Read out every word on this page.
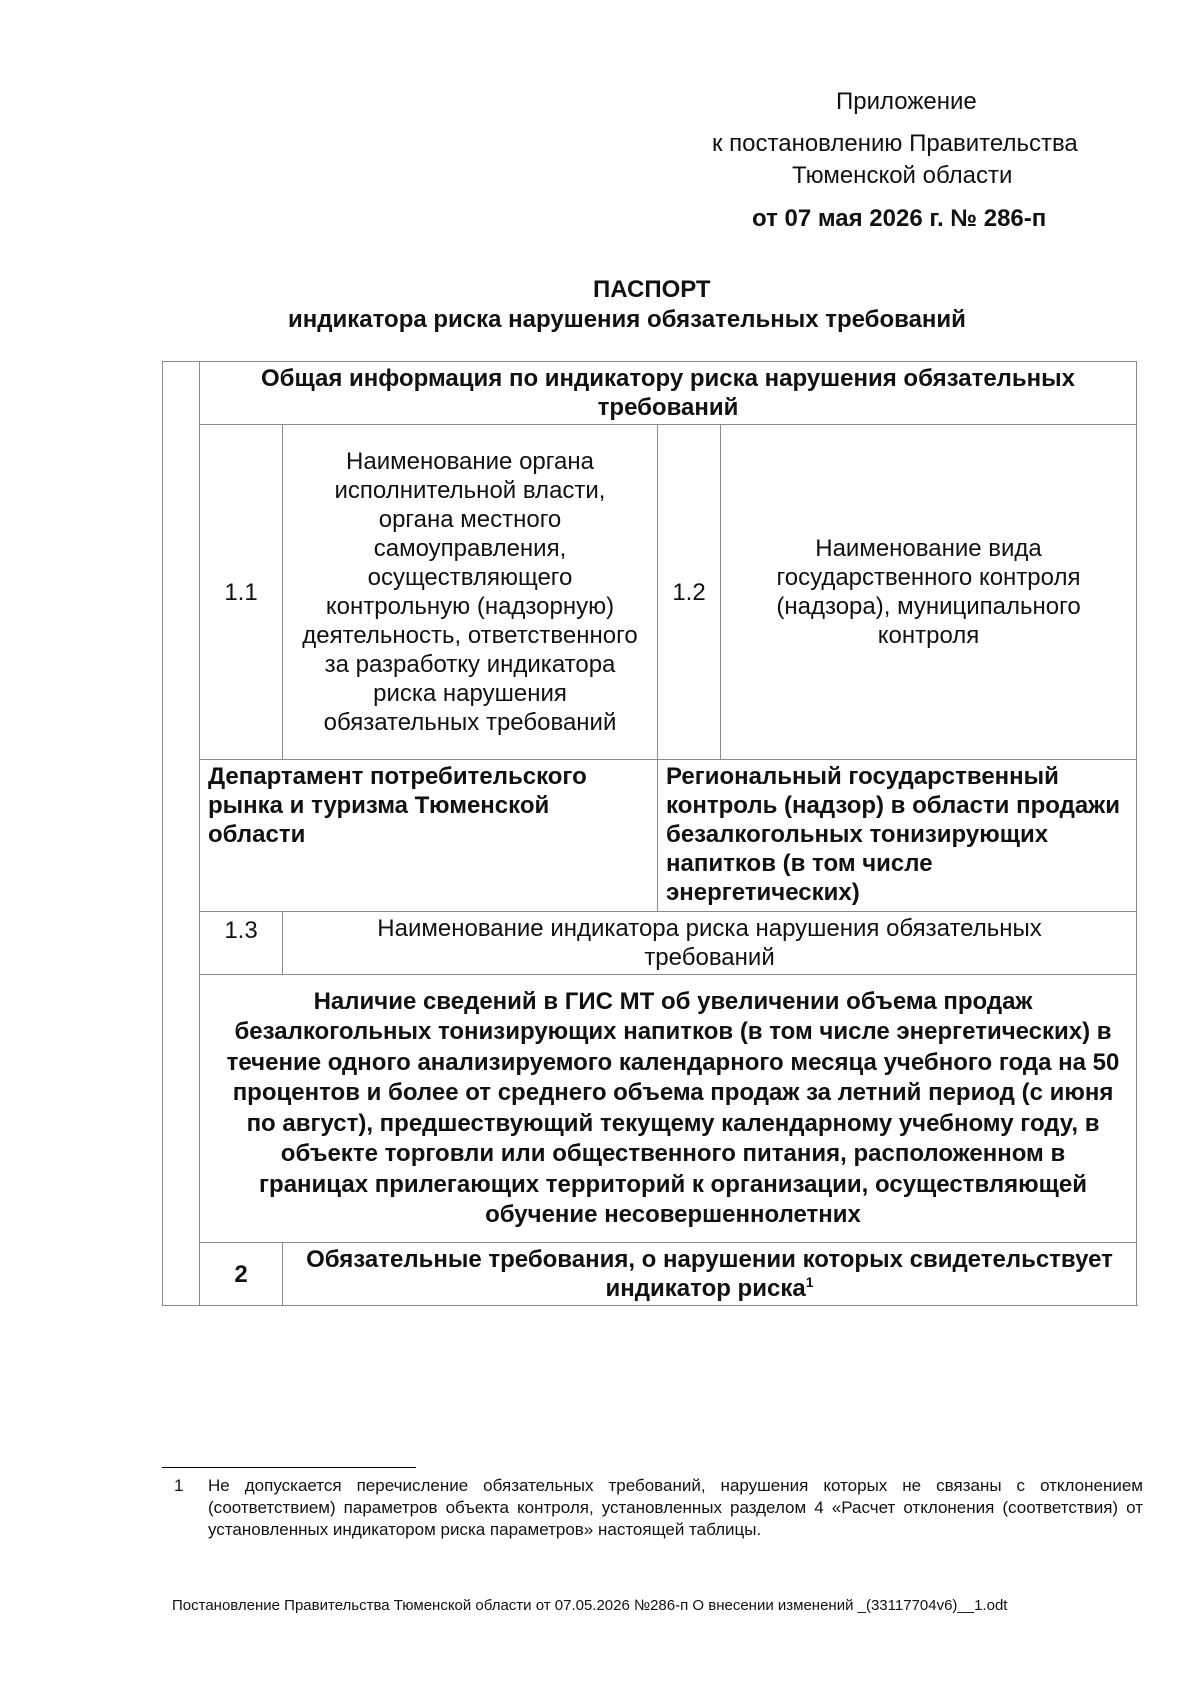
Приложение
к постановлению Правительства
Тюменской области
от 07 мая 2026 г. № 286-п
ПАСПОРТ
индикатора риска нарушения обязательных требований
	Общая информация по индикатору риска нарушения обязательных требований			
	1.1	Наименование органа исполнительной власти, органа местного самоуправления, осуществляющего контрольную (надзорную) деятельность, ответственного за разработку индикатора риска нарушения обязательных требований	1.2	Наименование вида государственного контроля (надзора), муниципального контроля
	Департамент потребительского рынка и туризма Тюменской области		Региональный государственный контроль (надзор) в области продажи безалкогольных тонизирующих напитков (в том числе энергетических)	
	1.3	Наименование индикатора риска нарушения обязательных требований		
	Наличие сведений в ГИС МТ об увеличении объема продаж безалкогольных тонизирующих напитков (в том числе энергетических) в течение одного анализируемого календарного месяца учебного года на 50 процентов и более от среднего объема продаж за летний период (с июня по август), предшествующий текущему календарному учебному году, в объекте торговли или общественного питания, расположенном в границах прилегающих территорий к организации, осуществляющей обучение несовершеннолетних			
	2	Обязательные требования, о нарушении которых свидетельствует индикатор риска$^1$
1 Не допускается перечисление обязательных требований, нарушения которых не связаны с отклонением (соответствием) параметров объекта контроля, установленных разделом 4 «Расчет отклонения (соответствия) от установленных индикатором риска параметров» настоящей таблицы.
Постановление Правительства Тюменской области от 07.05.2026 №286-п О внесении изменений _(33117704v6)__1.odt
